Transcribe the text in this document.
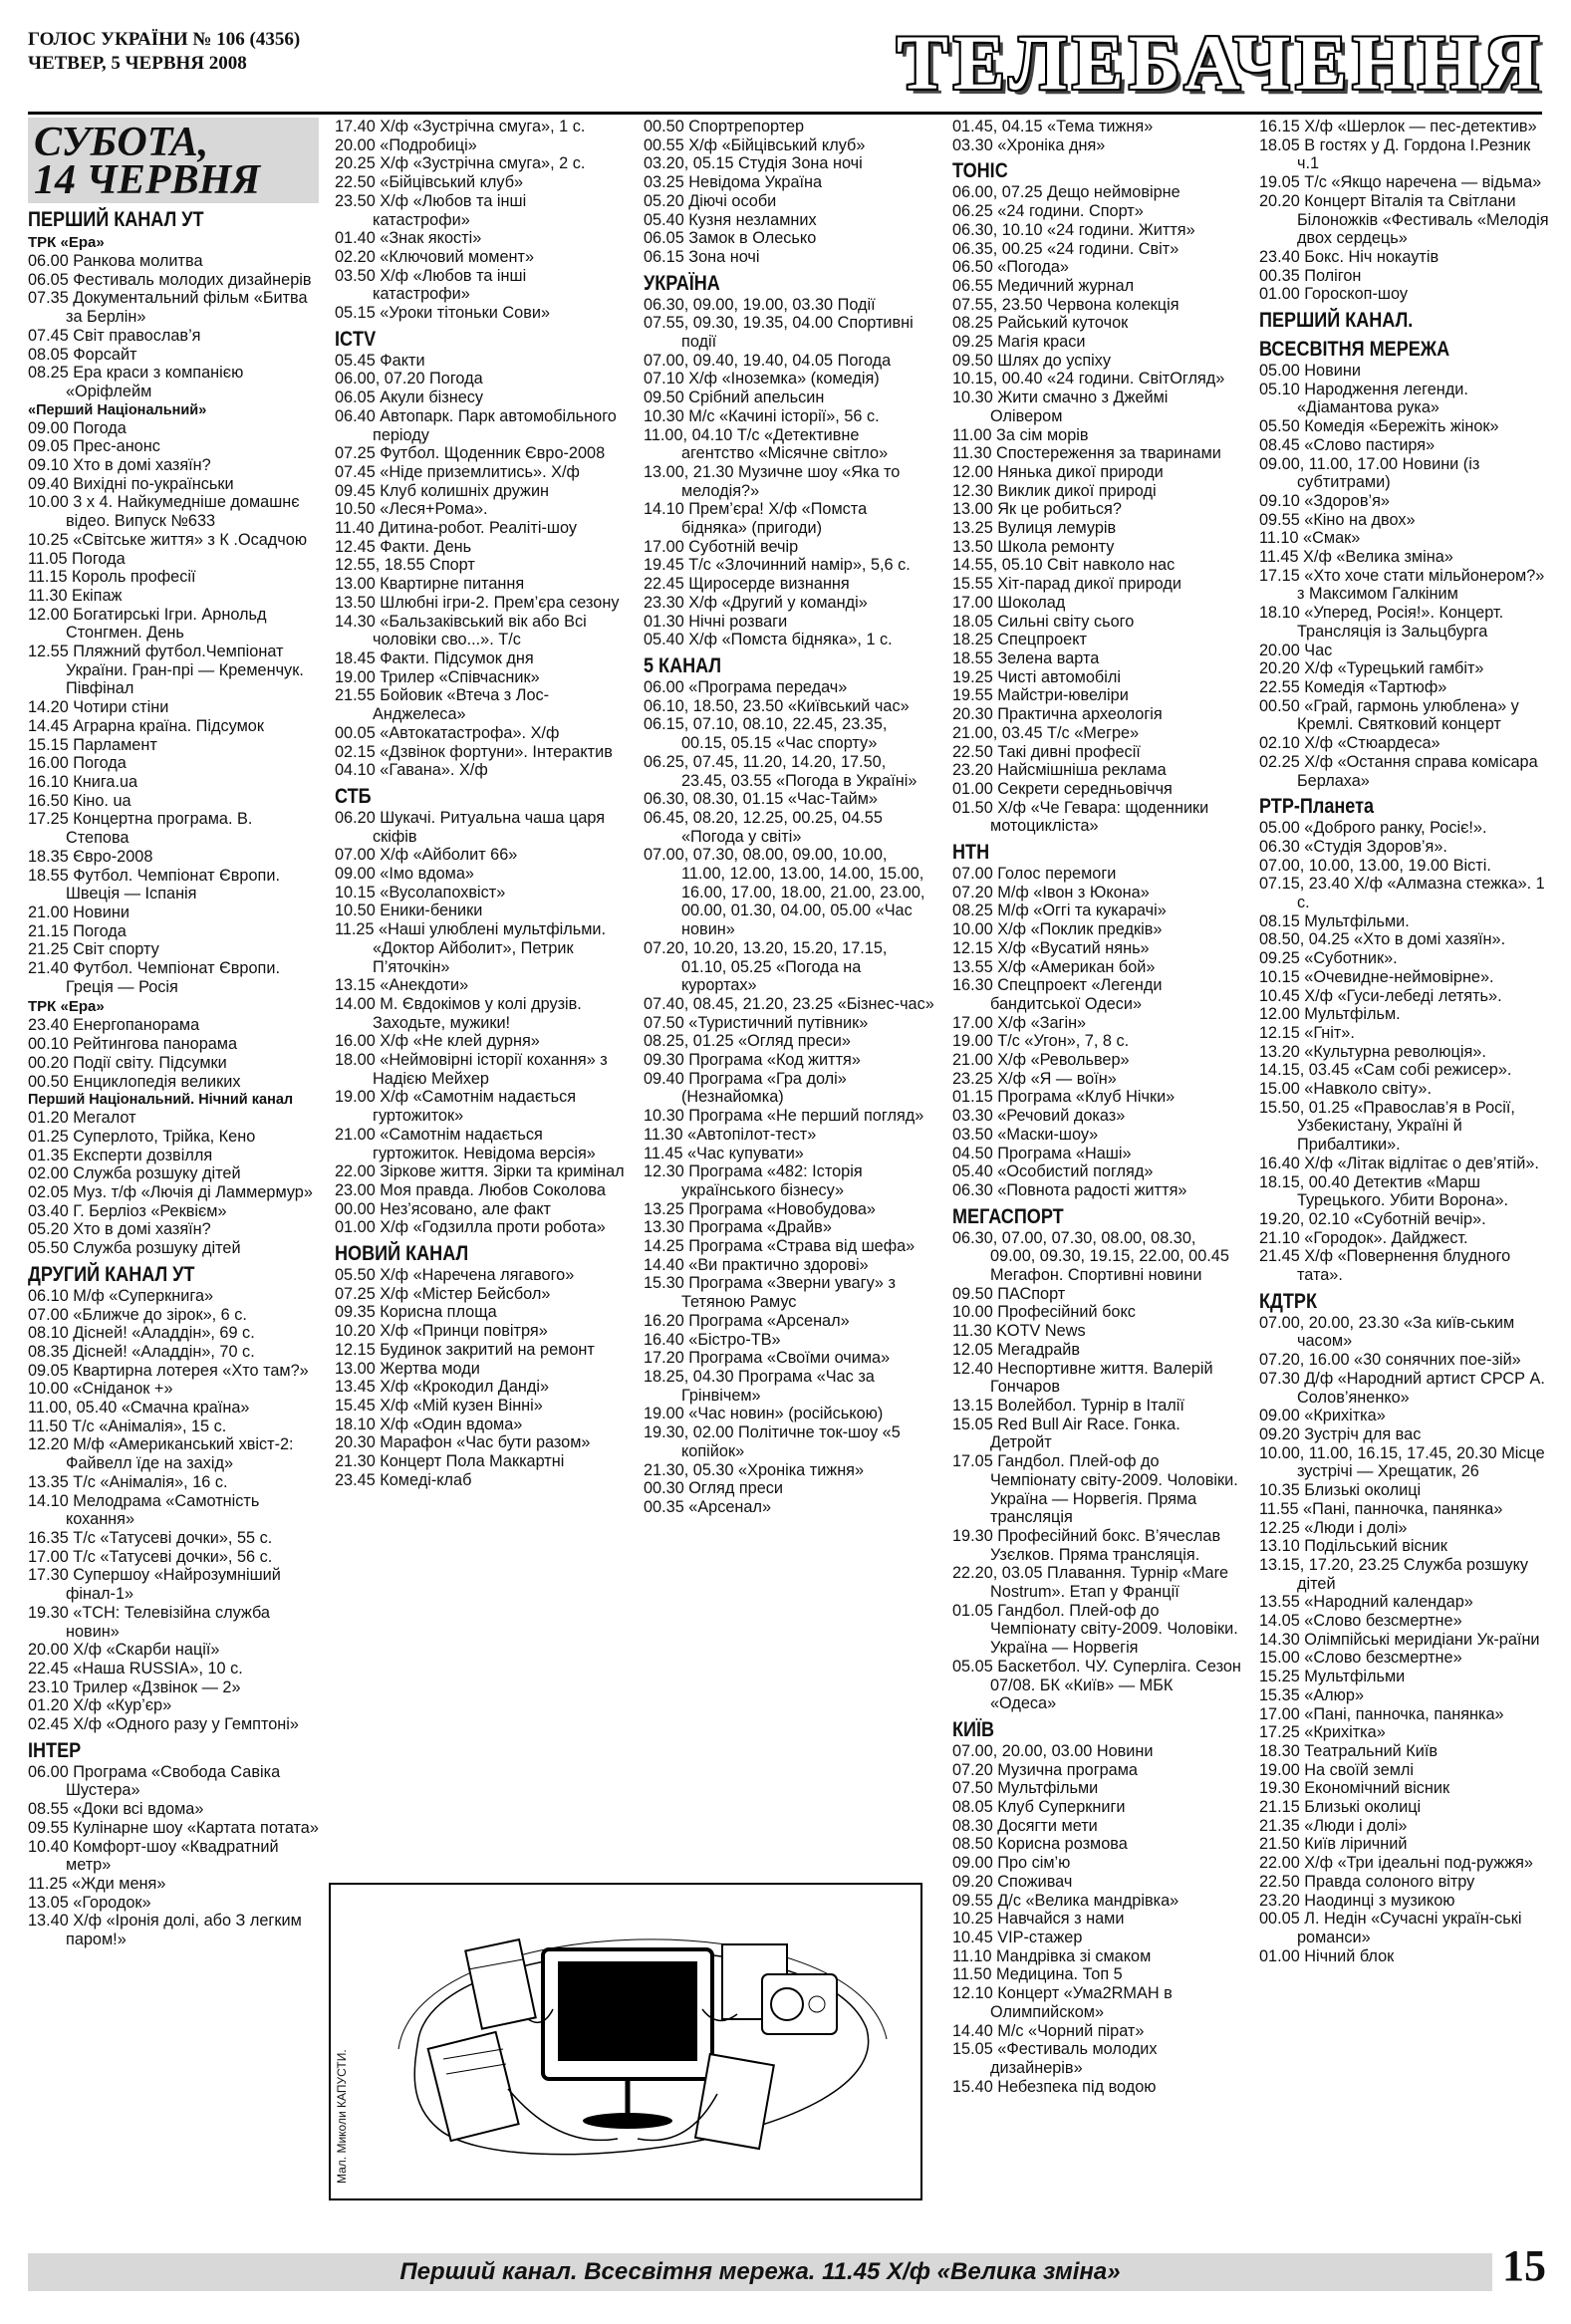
ГОЛОС УКРАЇНИ № 106 (4356)
ЧЕТВЕР, 5 ЧЕРВНЯ 2008	ТЕЛЕБАЧЕННЯ
СУБОТА,
14 ЧЕРВНЯ
ПЕРШИЙ КАНАЛ УТ
ТРК «Ера»
06.00 Ранкова молитва
06.05 Фестиваль молодих дизайнерів
07.35 Документальний фільм «Битва за Берлін»
07.45 Світ православ’я
08.05 Форсайт
08.25 Ера краси з компанією «Оріфлейм
«Перший Національний»
09.00 Погода
09.05 Прес-анонс
09.10 Хто в домі хазяїн?
09.40 Вихідні по-українськи
10.00 3 х 4. Найкумедніше домашнє відео. Випуск №633
10.25 «Світське життя» з К .Осадчою
11.05 Погода
11.15 Король професії
11.30 Екіпаж
12.00 Богатирські Ігри. Арнольд Стонгмен. День
12.55 Пляжний футбол.Чемпіонат України. Гран-прі — Кременчук. Півфінал
14.20 Чотири стіни
14.45 Аграрна країна. Підсумок
15.15 Парламент
16.00 Погода
16.10 Книга.ua
16.50 Кіно. ua
17.25 Концертна програма. В. Степова
18.35 Євро-2008
18.55 Футбол. Чемпіонат Європи. Швеція — Іспанія
21.00 Новини
21.15 Погода
21.25 Світ спорту
21.40 Футбол. Чемпіонат Європи. Греція — Росія
ТРК «Ера»
23.40 Енергопанорама
00.10 Рейтингова панорама
00.20 Події світу. Підсумки
00.50 Енциклопедія великих
Перший Національний. Нічний канал
01.20 Мегалот
01.25 Суперлото, Трійка, Кено
01.35 Експерти дозвілля
02.00 Служба розшуку дітей
02.05 Муз. т/ф «Лючія ді Ламмермур»
03.40 Г. Берліоз «Реквієм»
05.20 Хто в домі хазяїн?
05.50 Служба розшуку дітей
ДРУГИЙ КАНАЛ УТ
06.10 М/ф «Суперкнига»
07.00 «Ближче до зірок», 6 с.
08.10 Дісней! «Аладдін», 69 с.
08.35 Дісней! «Аладдін», 70 с.
09.05 Квартирна лотерея «Хто там?»
10.00 «Сніданок +»
11.00, 05.40 «Смачна країна»
11.50 Т/с «Анімалія», 15 с.
12.20 М/ф «Американський хвіст-2: Файвелл їде на захід»
13.35 Т/с «Анімалія», 16 с.
14.10 Мелодрама «Самотність кохання»
16.35 Т/с «Татусеві дочки», 55 с.
17.00 Т/с «Татусеві дочки», 56 с.
17.30 Супершоу «Найрозумніший фінал-1»
19.30 «ТСН: Телевізійна служба новин»
20.00 Х/ф «Скарби нації»
22.45 «Наша RUSSIA», 10 с.
23.10 Трилер «Дзвінок — 2»
01.20 Х/ф «Кур’єр»
02.45 Х/ф «Одного разу у Гемптоні»
ІНТЕР
06.00 Програма «Свобода Савіка Шустера»
08.55 «Доки всі вдома»
09.55 Кулінарне шоу «Картата потата»
10.40 Комфорт-шоу «Квадратний метр»
11.25 «Жди меня»
13.05 «Городок»
13.40 Х/ф «Іронія долі, або З легким паром!»
17.40 Х/ф «Зустрічна смуга», 1 с.
20.00 «Подробиці»
20.25 Х/ф «Зустрічна смуга», 2 с.
22.50 «Бійцівський клуб»
23.50 Х/ф «Любов та інші катастрофи»
01.40 «Знак якості»
02.20 «Ключовий момент»
03.50 Х/ф «Любов та інші катастрофи»
05.15 «Уроки тітоньки Сови»
ICTV
05.45 Факти
06.00, 07.20 Погода
06.05 Акули бізнесу
06.40 Автопарк. Парк автомобільного періоду
07.25 Футбол. Щоденник Євро-2008
07.45 «Ніде приземлитись». Х/ф
09.45 Клуб колишніх дружин
10.50 «Леся+Рома».
11.40 Дитина-робот. Реаліті-шоу
12.45 Факти. День
12.55, 18.55 Спорт
13.00 Квартирне питання
13.50 Шлюбні ігри-2. Прем’єра сезону
14.30 «Бальзаківський вік або Всі чоловіки сво...». Т/с
18.45 Факти. Підсумок дня
19.00 Трилер «Співчасник»
21.55 Бойовик «Втеча з Лос-Анджелеса»
00.05 «Автокатастрофа». Х/ф
02.15 «Дзвінок фортуни». Інтерактив
04.10 «Гавана». Х/ф
СТБ
06.20 Шукачі. Ритуальна чаша царя скіфів
07.00 Х/ф «Айболит 66»
09.00 «Імо вдома»
10.15 «Вусолапохвіст»
10.50 Еники-беники
11.25 «Наші улюблені мультфільми. «Доктор Айболит», Петрик П’яточкін»
13.15 «Анекдоти»
14.00 М. Євдокімов у колі друзів. Заходьте, мужики!
16.00 Х/ф «Не клей дурня»
18.00 «Неймовірні історії кохання» з Надією Мейхер
19.00 Х/ф «Самотнім надається гуртожиток»
21.00 «Самотнім надається гуртожиток. Невідома версія»
22.00 Зіркове життя. Зірки та кримінал
23.00 Моя правда. Любов Соколова
00.00 Нез’ясовано, але факт
01.00 Х/ф «Годзилла проти робота»
НОВИЙ КАНАЛ
05.50 Х/ф «Наречена лягавого»
07.25 Х/ф «Містер Бейсбол»
09.35 Корисна площа
10.20 Х/ф «Принци повітря»
12.15 Будинок закритий на ремонт
13.00 Жертва моди
13.45 Х/ф «Крокодил Данді»
15.45 Х/ф «Мій кузен Вінні»
18.10 Х/ф «Один вдома»
20.30 Марафон «Час бути разом»
21.30 Концерт Пола Маккартні
23.45 Комеді-клаб
00.50 Спортрепортер
00.55 Х/ф «Бійцівський клуб»
03.20, 05.15 Студія Зона ночі
03.25 Невідома Україна
05.20 Діючі особи
05.40 Кузня незламних
06.05 Замок в Олесько
06.15 Зона ночі
УКРАЇНА
06.30, 09.00, 19.00, 03.30 Події
07.55, 09.30, 19.35, 04.00 Спортивні події
07.00, 09.40, 19.40, 04.05 Погода
07.10 Х/ф «Іноземка» (комедія)
09.50 Срібний апельсин
10.30 М/с «Качині історії», 56 с.
11.00, 04.10 Т/с «Детективне агентство «Місячне світло»
13.00, 21.30 Музичне шоу «Яка то мелодія?»
14.10 Прем’єра! Х/ф «Помста бідняка» (пригоди)
17.00 Суботній вечір
19.45 Т/с «Злочинний намір», 5,6 с.
22.45 Щиросерде визнання
23.30 Х/ф «Другий у команді»
01.30 Нічні розваги
05.40 Х/ф «Помста бідняка», 1 с.
5 КАНАЛ
06.00 «Програма передач»
06.10, 18.50, 23.50 «Київський час»
06.15, 07.10, 08.10, 22.45, 23.35, 00.15, 05.15 «Час спорту»
06.25, 07.45, 11.20, 14.20, 17.50, 23.45, 03.55 «Погода в Україні»
06.30, 08.30, 01.15 «Час-Тайм»
06.45, 08.20, 12.25, 00.25, 04.55 «Погода у світі»
07.00, 07.30, 08.00, 09.00, 10.00, 11.00, 12.00, 13.00, 14.00, 15.00, 16.00, 17.00, 18.00, 21.00, 23.00, 00.00, 01.30, 04.00, 05.00 «Час новин»
07.20, 10.20, 13.20, 15.20, 17.15, 01.10, 05.25 «Погода на курортах»
07.40, 08.45, 21.20, 23.25 «Бізнес-час»
07.50 «Туристичний путівник»
08.25, 01.25 «Огляд преси»
09.30 Програма «Код життя»
09.40 Програма «Гра долі» (Незнайомка)
10.30 Програма «Не перший погляд»
11.30 «Автопілот-тест»
11.45 «Час купувати»
12.30 Програма «482: Історія українського бізнесу»
13.25 Програма «Новобудова»
13.30 Програма «Драйв»
14.25 Програма «Страва від шефа»
14.40 «Ви практично здорові»
15.30 Програма «Зверни увагу» з Тетяною Рамус
16.20 Програма «Арсенал»
16.40 «Бістро-ТВ»
17.20 Програма «Своїми очима»
18.25, 04.30 Програма «Час за Грінвічем»
19.00 «Час новин» (російською)
19.30, 02.00 Політичне ток-шоу «5 копійок»
21.30, 05.30 «Хроніка тижня»
00.30 Огляд преси
00.35 «Арсенал»
01.45, 04.15 «Тема тижня»
03.30 «Хроніка дня»
ТОНІС
06.00, 07.25 Дещо неймовірне
06.25 «24 години. Спорт»
06.30, 10.10 «24 години. Життя»
06.35, 00.25 «24 години. Світ»
06.50 «Погода»
06.55 Медичний журнал
07.55, 23.50 Червона колекція
08.25 Райський куточок
09.25 Магія краси
09.50 Шлях до успіху
10.15, 00.40 «24 години. СвітОгляд»
10.30 Жити смачно з Джеймі Олівером
11.00 За сім морів
11.30 Спостереження за тваринами
12.00 Нянька дикої природи
12.30 Виклик дикої природі
13.00 Як це робиться?
13.25 Вулиця лемурів
13.50 Школа ремонту
14.55, 05.10 Світ навколо нас
15.55 Хіт-парад дикої природи
17.00 Шоколад
18.05 Сильні світу сього
18.25 Спецпроект
18.55 Зелена варта
19.25 Чисті автомобілі
19.55 Майстри-ювеліри
20.30 Практична археологія
21.00, 03.45 Т/с «Мегре»
22.50 Такі дивні професії
23.20 Найсмішніша реклама
01.00 Секрети середньовіччя
01.50 Х/ф «Че Гевара: щоденники мотоцикліста»
НТН
07.00 Голос перемоги
07.20 М/ф «Івон з Юкона»
08.25 М/ф «Оггі та кукарачі»
10.00 Х/ф «Поклик предків»
12.15 Х/ф «Вусатий нянь»
13.55 Х/ф «Американ бой»
16.30 Спецпроект «Легенди бандитської Одеси»
17.00 Х/ф «Загін»
19.00 Т/с «Угон», 7, 8 с.
21.00 Х/ф «Револьвер»
23.25 Х/ф «Я — воїн»
01.15 Програма «Клуб Нічки»
03.30 «Речовий доказ»
03.50 «Маски-шоу»
04.50 Програма «Наші»
05.40 «Особистий погляд»
06.30 «Повнота радості життя»
МЕГАСПОРТ
06.30, 07.00, 07.30, 08.00, 08.30, 09.00, 09.30, 19.15, 22.00, 00.45 Мегафон. Спортивні новини
09.50 ПАСпорт
10.00 Професійний бокс
11.30 KOTV News
12.05 Мегадрайв
12.40 Неспортивне життя. Валерій Гончаров
13.15 Волейбол. Турнір в Італії
15.05 Red Bull Air Race. Гонка. Детройт
17.05 Гандбол. Плей-оф до Чемпіонату світу-2009. Чоловіки. Україна — Норвегія. Пряма трансляція
19.30 Професійний бокс. В’ячеслав Узєлков. Пряма трансляція.
22.20, 03.05 Плавання. Турнір «Mare Nostrum». Етап у Франції
01.05 Гандбол. Плей-оф до Чемпіонату світу-2009. Чоловіки. Україна — Норвегія
05.05 Баскетбол. ЧУ. Суперліга. Сезон 07/08. БК «Київ» — МБК «Одеса»
КИЇВ
07.00, 20.00, 03.00 Новини
07.20 Музична програма
07.50 Мультфільми
08.05 Клуб Суперкниги
08.30 Досягти мети
08.50 Корисна розмова
09.00 Про сім’ю
09.20 Споживач
09.55 Д/с «Велика мандрівка»
10.25 Навчайся з нами
10.45 VIP-стажер
11.10 Мандрівка зі смаком
11.50 Медицина. Топ 5
12.10 Концерт «Ума2RMAH в Олимпийском»
14.40 М/с «Чорний пірат»
15.05 «Фестиваль молодих дизайнерів»
15.40 Небезпека під водою
16.15 Х/ф «Шерлок — пес-детектив»
18.05 В гостях у Д. Гордона І.Резник ч.1
19.05 Т/с «Якщо наречена — відьма»
20.20 Концерт Віталія та Світлани Білоножків «Фестиваль «Мелодія двох сердець»
23.40 Бокс. Ніч нокаутів
00.35 Полігон
01.00 Гороскоп-шоу
ПЕРШИЙ КАНАЛ.
ВСЕСВІТНЯ МЕРЕЖА
05.00 Новини
05.10 Народження легенди. «Діамантова рука»
05.50 Комедія «Бережіть жінок»
08.45 «Слово пастиря»
09.00, 11.00, 17.00 Новини (із субтитрами)
09.10 «Здоров’я»
09.55 «Кіно на двох»
11.10 «Смак»
11.45 Х/ф «Велика зміна»
17.15 «Хто хоче стати мільйонером?» з Максимом Галкіним
18.10 «Уперед, Росія!». Концерт. Трансляція із Зальцбурга
20.00 Час
20.20 Х/ф «Турецький гамбіт»
22.55 Комедія «Тартюф»
00.50 «Грай, гармонь улюблена» у Кремлі. Святковий концерт
02.10 Х/ф «Стюардеса»
02.25 Х/ф «Остання справа комісара Берлаха»
РТР-Планета
05.00 «Доброго ранку, Росіє!».
06.30 «Студія Здоров’я».
07.00, 10.00, 13.00, 19.00 Вісті.
07.15, 23.40 Х/ф «Алмазна стежка». 1 с.
08.15 Мультфільми.
08.50, 04.25 «Хто в домі хазяїн».
09.25 «Суботник».
10.15 «Очевидне-неймовірне».
10.45 Х/ф «Гуси-лебеді летять».
12.00 Мультфільм.
12.15 «Гніт».
13.20 «Культурна революція».
14.15, 03.45 «Сам собі режисер».
15.00 «Навколо світу».
15.50, 01.25 «Православ’я в Росії, Узбекистану, Україні й Прибалтики».
16.40 Х/ф «Літак відлітає о дев’ятій».
18.15, 00.40 Детектив «Марш Турецького. Убити Ворона».
19.20, 02.10 «Суботній вечір».
21.10 «Городок». Дайджест.
21.45 Х/ф «Повернення блудного тата».
КДТРК
07.00, 20.00, 23.30 «За київ-ським часом»
07.20, 16.00 «30 сонячних пое-зій»
07.30 Д/ф «Народний артист СРСР А. Солов’яненко»
09.00 «Крихітка»
09.20 Зустріч для вас
10.00, 11.00, 16.15, 17.45, 20.30 Місце зустрічі — Хрещатик, 26
10.35 Близькі околиці
11.55 «Пані, панночка, панянка»
12.25 «Люди і долі»
13.10 Подільський вісник
13.15, 17.20, 23.25 Служба розшуку дітей
13.55 «Народний календар»
14.05 «Слово безсмертне»
14.30 Олімпійські меридіани Ук-раїни
15.00 «Слово безсмертне»
15.25 Мультфільми
15.35 «Алюр»
17.00 «Пані, панночка, панянка»
17.25 «Крихітка»
18.30 Театральний Київ
19.00 На своїй землі
19.30 Економічний вісник
21.15 Близькі околиці
21.35 «Люди і долі»
21.50 Київ ліричний
22.00 Х/ф «Три ідеальні под-ружжя»
22.50 Правда солоного вітру
23.20 Наодинці з музикою
00.05 Л. Недін «Сучасні україн-ські романси»
01.00 Нічний блок
Мал. Миколи КАПУСТИ.
Перший канал. Всесвітня мережа. 11.45 Х/ф «Велика зміна»	15
